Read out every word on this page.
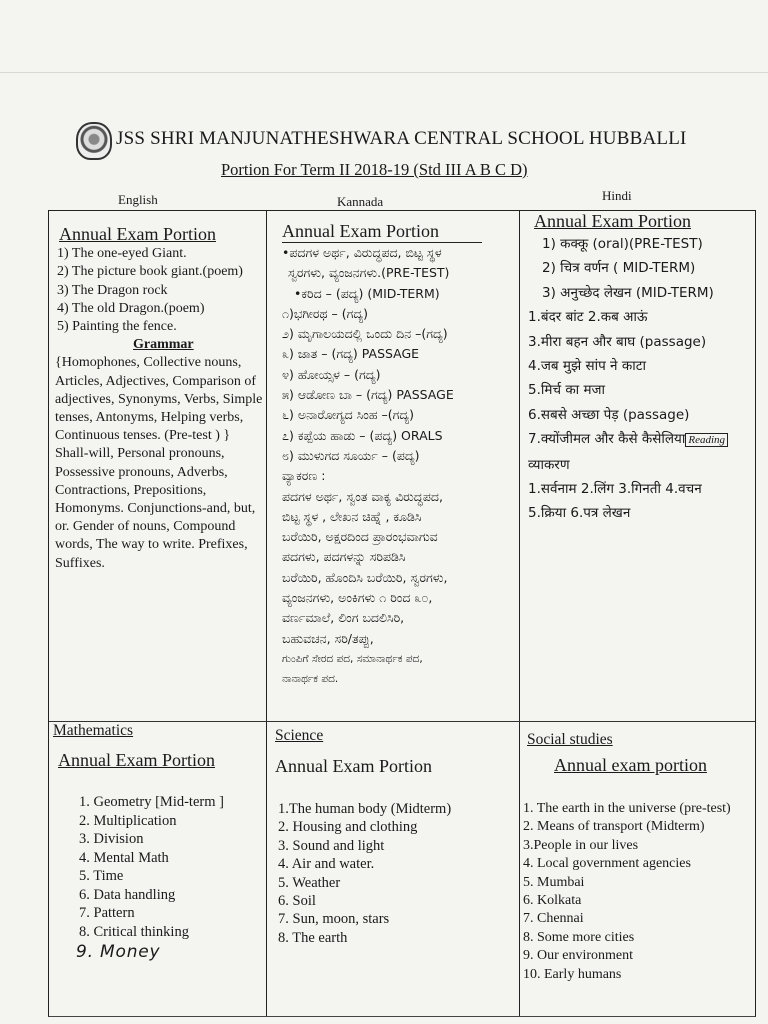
JSS SHRI MANJUNATHESHWARA CENTRAL SCHOOL HUBBALLI
Portion For Term II 2018-19 (Std III A B C D)
English	Kannada	Hindi
Annual Exam Portion
1) The one-eyed Giant.
2) The picture book giant.(poem)
3) The Dragon rock
4) The old Dragon.(poem)
5) Painting the fence.
Grammar

{Homophones, Collective nouns, Articles, Adjectives, Comparison of adjectives, Synonyms, Verbs, Simple tenses, Antonyms, Helping verbs, Continuous tenses. (Pre-test ) }

Shall-will, Personal pronouns, Possessive pronouns, Adverbs, Contractions, Prepositions, Homonyms. Conjunctions-and, but, or. Gender of nouns, Compound words, The way to write. Prefixes, Suffixes.

Annual Exam Portion
•ಪದಗಳ ಅರ್ಥ, ವಿರುದ್ಧಪದ, ಬಿಟ್ಟ ಸ್ಥಳ
ಸ್ವರಗಳು, ವ್ಯಂಜನಗಳು.(PRE-TEST)
•ಕರಿದ – (ಪದ್ಯ) (MID-TERM)
೧)ಭಗೀರಥ – (ಗದ್ಯ)
೨) ಮೃಗಾಲಯದಲ್ಲಿ ಒಂದು ದಿನ –(ಗದ್ಯ)
೩) ಜಾತ – (ಗದ್ಯ) PASSAGE
೪) ಹೋಯ್ಸಳ – (ಗದ್ಯ)
೫) ಆಡೋಣ ಬಾ – (ಗದ್ಯ) PASSAGE
೬) ಅನಾರೋಗ್ಯದ ಸಿಂಹ –(ಗದ್ಯ)
೭) ಕಪ್ಪೆಯ ಹಾಡು – (ಪದ್ಯ) ORALS
೮) ಮುಳುಗದ ಸೂರ್ಯ – (ಪದ್ಯ)
ವ್ಯಾಕರಣ :
ಪದಗಳ ಅರ್ಥ, ಸ್ವಂತ ವಾಕ್ಯ ವಿರುದ್ಧಪದ,
ಬಿಟ್ಟ ಸ್ಥಳ , ಲೇಖನ ಚಿಹ್ನೆ , ಕೂಡಿಸಿ
ಬರೆಯಿರಿ, ಅಕ್ಷರದಿಂದ ಪ್ರಾರಂಭವಾಗುವ
ಪದಗಳು, ಪದಗಳನ್ನು ಸರಿಪಡಿಸಿ
ಬರೆಯಿರಿ, ಹೊಂದಿಸಿ ಬರೆಯಿರಿ, ಸ್ವರಗಳು,
ವ್ಯಂಜನಗಳು, ಅಂಕಿಗಳು ೧ ರಿಂದ ೩೦,
ವರ್ಣಮಾಲೆ, ಲಿಂಗ ಬದಲಿಸಿರಿ,
ಬಹುವಚನ, ಸರಿ/ತಪ್ಪು,
ಗುಂಪಿಗೆ ಸೇರದ ಪದ, ಸಮಾನಾರ್ಥಕ ಪದ,
ನಾನಾರ್ಥಕ ಪದ.
Annual Exam Portion
1) कक्कू (oral)(PRE-TEST)
2) चित्र वर्णन ( MID-TERM)
3) अनुच्छेद लेखन (MID-TERM)
1.बंदर बांट 2.कब आऊं
3.मीरा बहन और बाघ (passage)
4.जब मुझे सांप ने काटा
5.मिर्च का मजा
6.सबसे अच्छा पेड़ (passage)
7.क्योंजीमल और कैसे कैसेलिया Reading
व्याकरण
1.सर्वनाम 2.लिंग 3.गिनती 4.वचन
5.क्रिया 6.पत्र लेखन
Mathematics
Annual Exam Portion
1. Geometry [Mid-term ]
2. Multiplication
3. Division
4. Mental Math
5. Time
6. Data handling
7. Pattern
8. Critical thinking
9. Money
Science
Annual Exam Portion
1.The human body (Midterm)
2. Housing and clothing
3. Sound and light
4. Air and water.
5. Weather
6. Soil
7. Sun, moon, stars
8. The earth
Social studies
Annual exam portion
1. The earth in the universe (pre-test)
2. Means of transport (Midterm)
3.People in our lives
4. Local government agencies
5. Mumbai
6. Kolkata
7. Chennai
8. Some more cities
9. Our environment
10. Early humans
